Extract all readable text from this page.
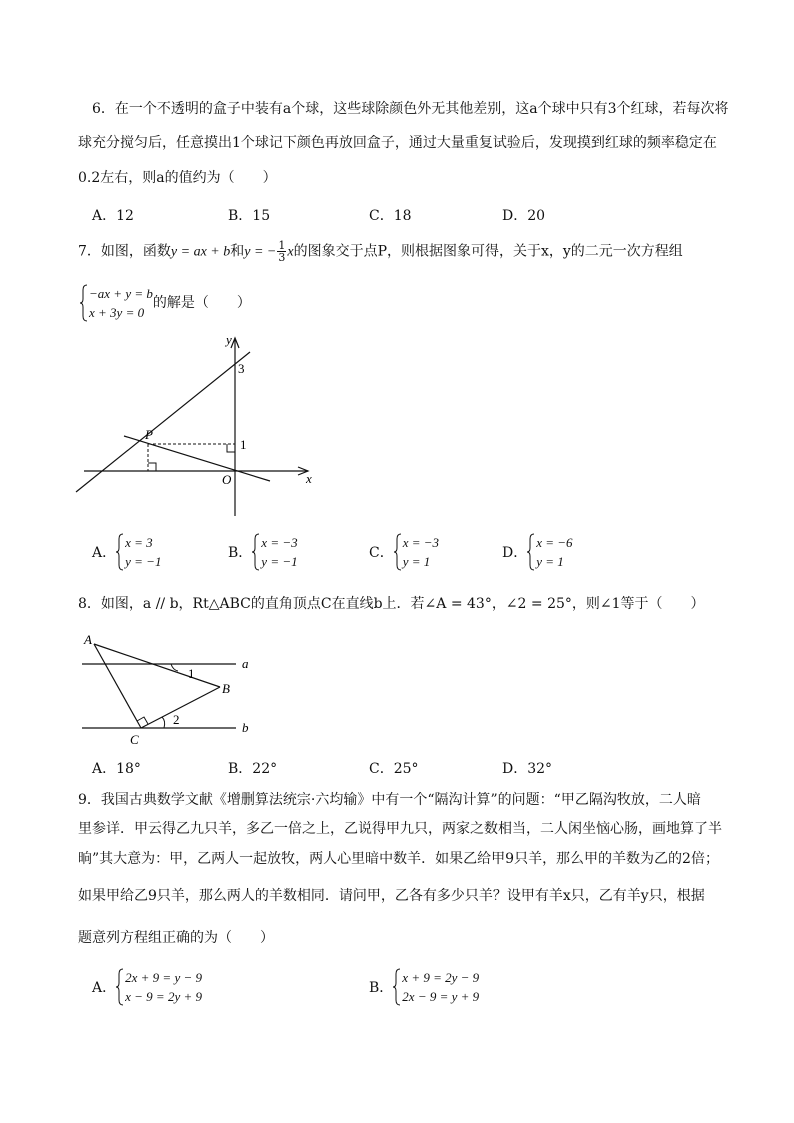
6．在一个不透明的盒子中装有a个球，这些球除颜色外无其他差别，这a个球中只有3个红球，若每次将
球充分搅匀后，任意摸出1个球记下颜色再放回盒子，通过大量重复试验后，发现摸到红球的频率稳定在
0.2左右，则a的值约为（　　）
A．12	B．15	C．18	D．20
7．如图，函数y = ax + b和y = − $\frac{1}{3}$ x的图象交于点P，则根据图象可得，关于x，y的二元一次方程组
−ax + y = b
x + 3y = 0
的解是（　　）
y
x
P
O
3
1
A．
x = 3
y = −1
B．
x = −3
y = −1
C．
x = −3
y = 1
D．
x = −6
y = 1
8．如图，a // b，Rt△ABC的直角顶点C在直线b上．若∠A = 43°，∠2 = 25°，则∠1等于（　　）
A
B
C
a
b
1
2
A．18°	B．22°	C．25°	D．32°
9．我国古典数学文献《增删算法统宗·六均输》中有一个“隔沟计算”的问题：“甲乙隔沟牧放，二人暗
里参详．甲云得乙九只羊，多乙一倍之上，乙说得甲九只，两家之数相当，二人闲坐恼心肠，画地算了半
晌”其大意为：甲，乙两人一起放牧，两人心里暗中数羊．如果乙给甲9只羊，那么甲的羊数为乙的2倍；
如果甲给乙9只羊，那么两人的羊数相同．请问甲，乙各有多少只羊？设甲有羊x只，乙有羊y只，根据
题意列方程组正确的为（　　）
A．
2x + 9 = y − 9
x − 9 = 2y + 9
B．
x + 9 = 2y − 9
2x − 9 = y + 9
